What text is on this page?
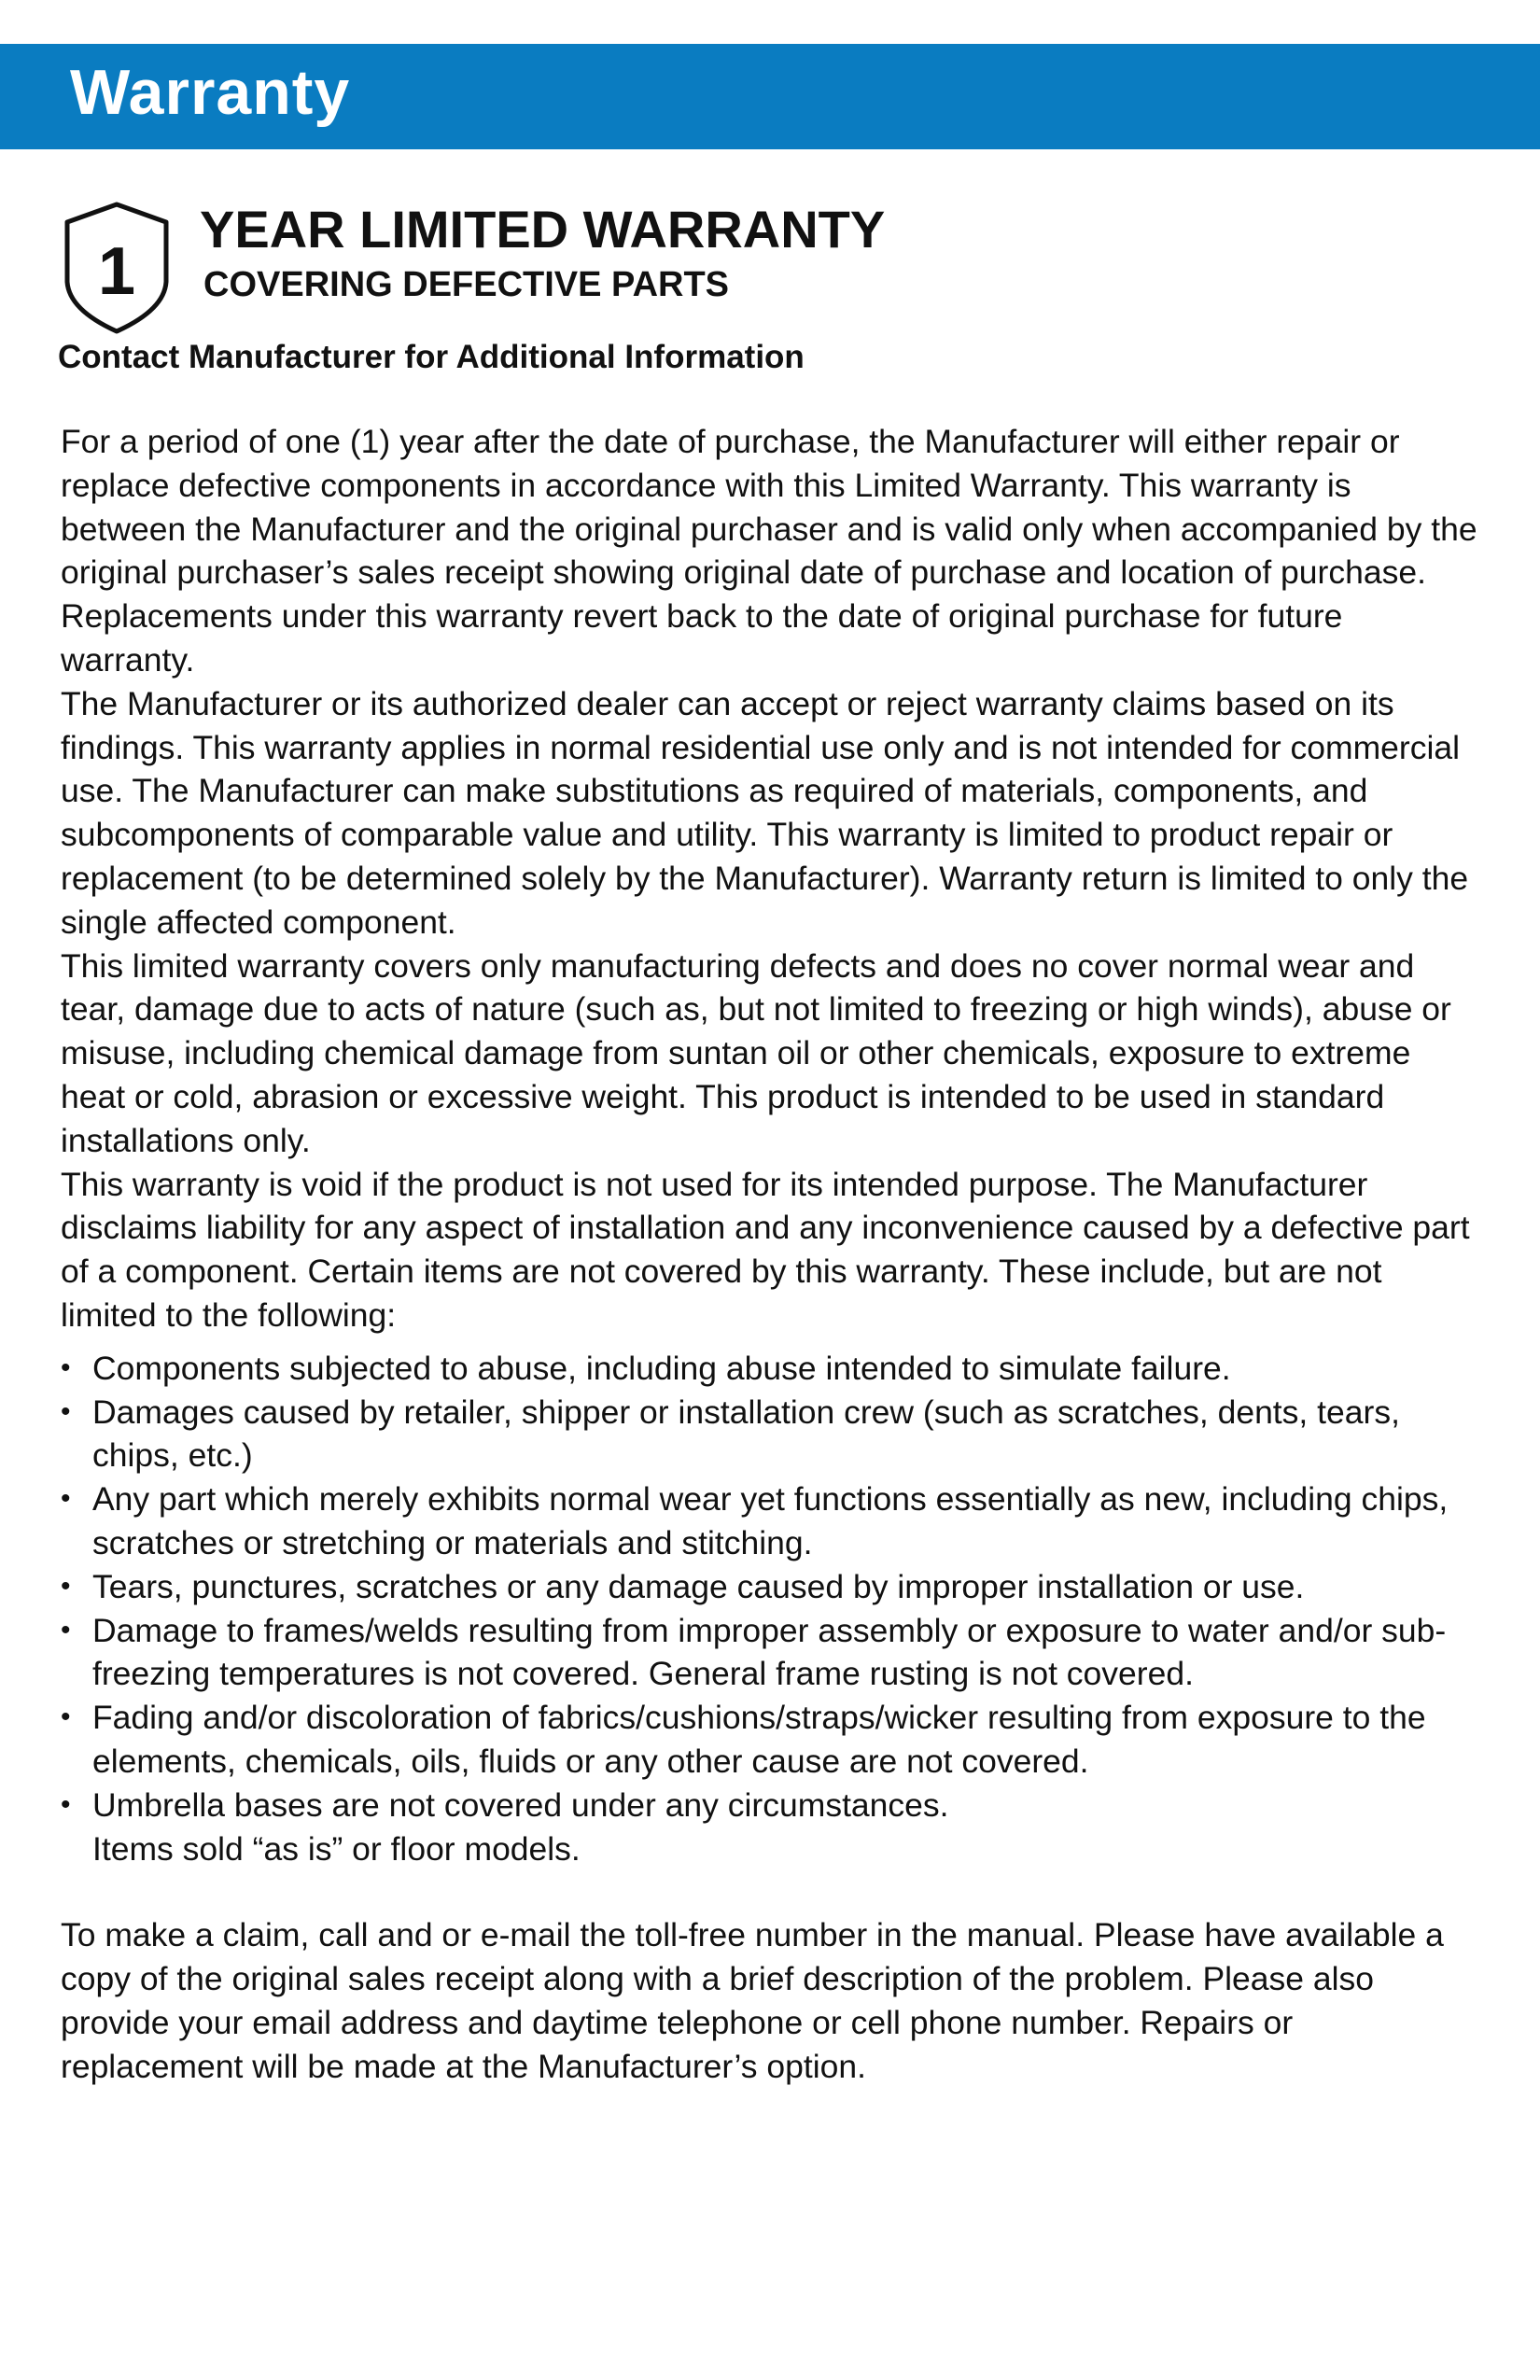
Warranty
1
YEAR LIMITED WARRANTY
COVERING DEFECTIVE PARTS
Contact Manufacturer for Additional Information

For a period of one (1) year after the date of purchase, the Manufacturer will either repair or replace defective components in accordance with this Limited Warranty. This warranty is between the Manufacturer and the original purchaser and is valid only when accompanied by the original purchaser’s sales receipt showing original date of purchase and location of purchase. Replacements under this warranty revert back to the date of original purchase for future warranty.

The Manufacturer or its authorized dealer can accept or reject warranty claims based on its findings. This warranty applies in normal residential use only and is not intended for commercial use. The Manufacturer can make substitutions as required of materials, components, and subcomponents of comparable value and utility. This warranty is limited to product repair or replacement (to be determined solely by the Manufacturer). Warranty return is limited to only the single affected component.

This limited warranty covers only manufacturing defects and does no cover normal wear and tear, damage due to acts of nature (such as, but not limited to freezing or high winds), abuse or misuse, including chemical damage from suntan oil or other chemicals, exposure to extreme heat or cold, abrasion or excessive weight. This product is intended to be used in standard installations only.

This warranty is void if the product is not used for its intended purpose. The Manufacturer disclaims liability for any aspect of installation and any inconvenience caused by a defective part of a component. Certain items are not covered by this warranty. These include, but are not limited to the following:

• Components subjected to abuse, including abuse intended to simulate failure.
• Damages caused by retailer, shipper or installation crew (such as scratches, dents, tears, chips, etc.)
• Any part which merely exhibits normal wear yet functions essentially as new, including chips, scratches or stretching or materials and stitching.
• Tears, punctures, scratches or any damage caused by improper installation or use.
• Damage to frames/welds resulting from improper assembly or exposure to water and/or sub-freezing temperatures is not covered. General frame rusting is not covered.
• Fading and/or discoloration of fabrics/cushions/straps/wicker resulting from exposure to the elements, chemicals, oils, fluids or any other cause are not covered.
• Umbrella bases are not covered under any circumstances.
Items sold “as is” or floor models.

To make a claim, call and or e-mail the toll-free number in the manual. Please have available a copy of the original sales receipt along with a brief description of the problem. Please also provide your email address and daytime telephone or cell phone number. Repairs or replacement will be made at the Manufacturer’s option.
